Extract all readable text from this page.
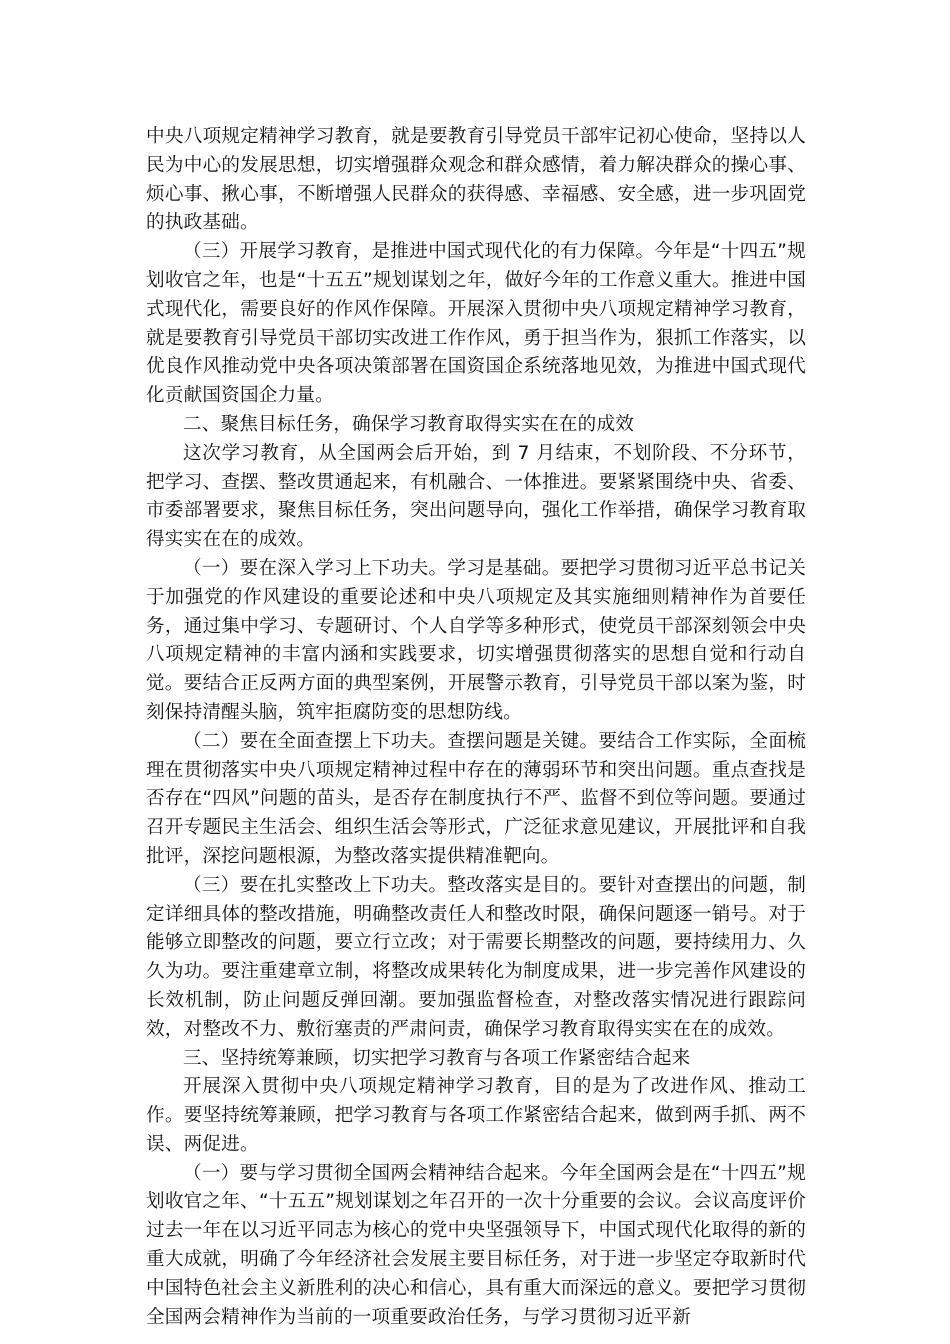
中央八项规定精神学习教育，就是要教育引导党员干部牢记初心使命，坚持以人民为中心的发展思想，切实增强群众观念和群众感情，着力解决群众的操心事、烦心事、揪心事，不断增强人民群众的获得感、幸福感、安全感，进一步巩固党的执政基础。

（三）开展学习教育，是推进中国式现代化的有力保障。今年是“十四五”规划收官之年，也是“十五五”规划谋划之年，做好今年的工作意义重大。推进中国式现代化，需要良好的作风作保障。开展深入贯彻中央八项规定精神学习教育，就是要教育引导党员干部切实改进工作作风，勇于担当作为，狠抓工作落实，以优良作风推动党中央各项决策部署在国资国企系统落地见效，为推进中国式现代化贡献国资国企力量。

二、聚焦目标任务，确保学习教育取得实实在在的成效

这次学习教育，从全国两会后开始，到 7 月结束，不划阶段、不分环节，把学习、查摆、整改贯通起来，有机融合、一体推进。要紧紧围绕中央、省委、市委部署要求，聚焦目标任务，突出问题导向，强化工作举措，确保学习教育取得实实在在的成效。

（一）要在深入学习上下功夫。学习是基础。要把学习贯彻习近平总书记关于加强党的作风建设的重要论述和中央八项规定及其实施细则精神作为首要任务，通过集中学习、专题研讨、个人自学等多种形式，使党员干部深刻领会中央八项规定精神的丰富内涵和实践要求，切实增强贯彻落实的思想自觉和行动自觉。要结合正反两方面的典型案例，开展警示教育，引导党员干部以案为鉴，时刻保持清醒头脑，筑牢拒腐防变的思想防线。

（二）要在全面查摆上下功夫。查摆问题是关键。要结合工作实际，全面梳理在贯彻落实中央八项规定精神过程中存在的薄弱环节和突出问题。重点查找是否存在“四风”问题的苗头，是否存在制度执行不严、监督不到位等问题。要通过召开专题民主生活会、组织生活会等形式，广泛征求意见建议，开展批评和自我批评，深挖问题根源，为整改落实提供精准靶向。

（三）要在扎实整改上下功夫。整改落实是目的。要针对查摆出的问题，制定详细具体的整改措施，明确整改责任人和整改时限，确保问题逐一销号。对于能够立即整改的问题，要立行立改；对于需要长期整改的问题，要持续用力、久久为功。要注重建章立制，将整改成果转化为制度成果，进一步完善作风建设的长效机制，防止问题反弹回潮。要加强监督检查，对整改落实情况进行跟踪问效，对整改不力、敷衍塞责的严肃问责，确保学习教育取得实实在在的成效。

三、坚持统筹兼顾，切实把学习教育与各项工作紧密结合起来

开展深入贯彻中央八项规定精神学习教育，目的是为了改进作风、推动工作。要坚持统筹兼顾，把学习教育与各项工作紧密结合起来，做到两手抓、两不误、两促进。

（一）要与学习贯彻全国两会精神结合起来。今年全国两会是在“十四五”规划收官之年、“十五五”规划谋划之年召开的一次十分重要的会议。会议高度评价过去一年在以习近平同志为核心的党中央坚强领导下，中国式现代化取得的新的重大成就，明确了今年经济社会发展主要目标任务，对于进一步坚定夺取新时代中国特色社会主义新胜利的决心和信心，具有重大而深远的意义。要把学习贯彻全国两会精神作为当前的一项重要政治任务，与学习贯彻习近平新
